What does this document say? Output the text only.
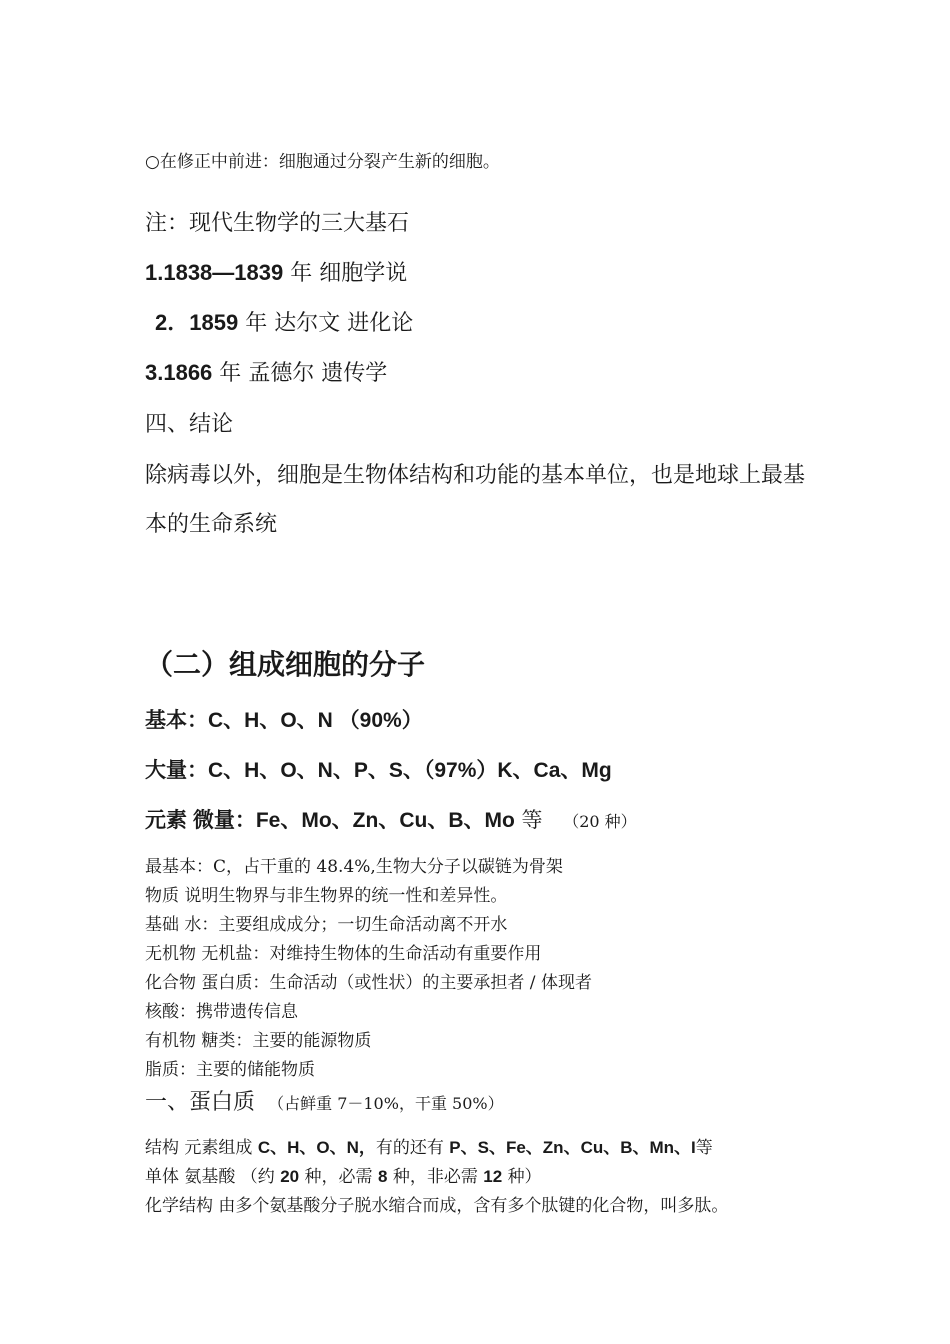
○在修正中前进：细胞通过分裂产生新的细胞。
注：现代生物学的三大基石
1.1838—1839 年 细胞学说
2．1859 年 达尔文 进化论
3.1866 年 孟德尔 遗传学
四、结论
除病毒以外，细胞是生物体结构和功能的基本单位，也是地球上最基
本的生命系统
（二）组成细胞的分子
基本：C、H、O、N （90%）
大量：C、H、O、N、P、S、（97%）K、Ca、Mg
元素 微量：Fe、Mo、Zn、Cu、B、Mo 等 （20 种）
最基本：C，占干重的 48.4%,生物大分子以碳链为骨架
物质 说明生物界与非生物界的统一性和差异性。
基础 水：主要组成成分；一切生命活动离不开水
无机物 无机盐：对维持生物体的生命活动有重要作用
化合物 蛋白质：生命活动（或性状）的主要承担者 / 体现者
核酸：携带遗传信息
有机物 糖类：主要的能源物质
脂质：主要的储能物质
一、蛋白质 （占鲜重 7－10%，干重 50%）
结构 元素组成 C、H、O、N，有的还有 P、S、Fe、Zn、Cu、B、Mn、I等
单体 氨基酸 （约 20 种，必需 8 种，非必需 12 种）
化学结构 由多个氨基酸分子脱水缩合而成，含有多个肽键的化合物，叫多肽。
